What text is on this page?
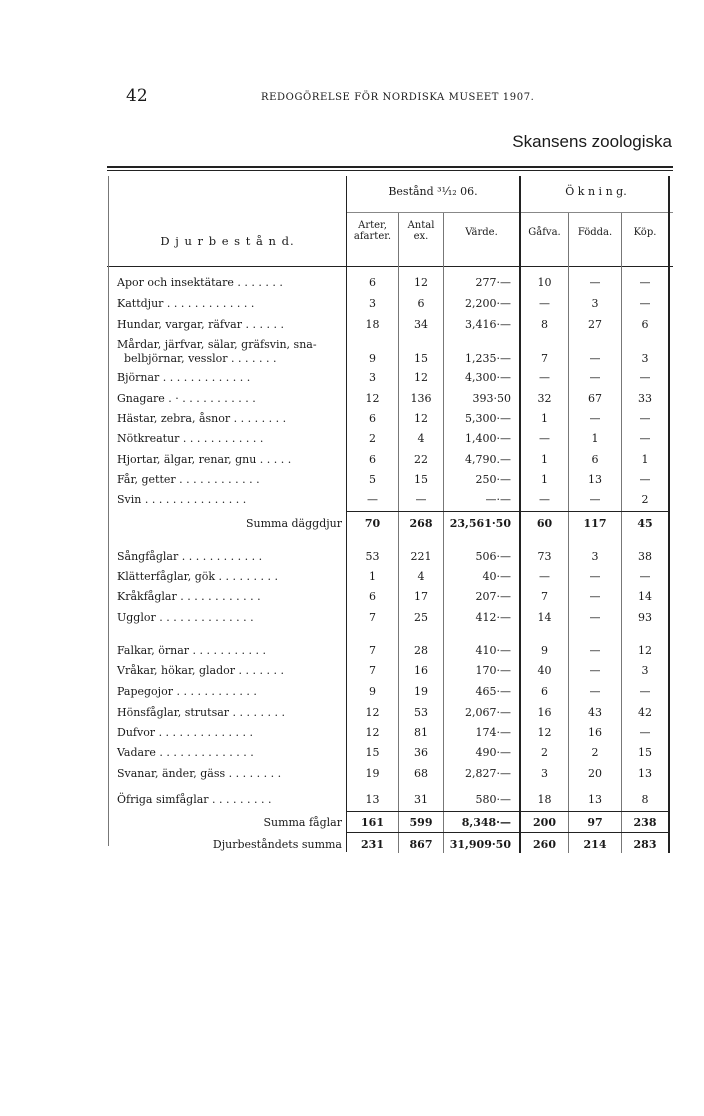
42	REDOGÖRELSE FÖR NORDISKA MUSEET 1907.
Skansens zoologiska
D j u r b e s t å n d.
Bestånd ³¹⁄₁₂ 06.	Ö k n i n g.
Arter, afarter.
Antal ex.	Värde.	Gåfva.	Födda.	Köp.
Apor och insektätare . . . . . . .	6	12	277·—	10	—	—
Kattdjur . . . . . . . . . . . . .	3	6	2,200·—	—	3	—
Hundar, vargar, räfvar . . . . . .	18	34	3,416·—	8	27	6
Mårdar, järfvar, sälar, gräfsvin, sna-
belbjörnar, vesslor . . . . . . .	9	15	1,235·—	7	—	3
Björnar . . . . . . . . . . . . .	3	12	4,300·—	—	—	—
Gnagare . · . . . . . . . . . . .	12	136	393·50	32	67	33
Hästar, zebra, åsnor . . . . . . . .	6	12	5,300·—	1	—	—
Nötkreatur . . . . . . . . . . . .	2	4	1,400·—	—	1	—
Hjortar, älgar, renar, gnu . . . . .	6	22	4,790.—	1	6	1
Får, getter . . . . . . . . . . . .	5	15	250·—	1	13	—
Svin . . . . . . . . . . . . . . .	—	—	—·—	—	—	2
Summa däggdjur	70	268	23,561·50	60	117	45
Sångfåglar . . . . . . . . . . . .	53	221	506·—	73	3	38
Klätterfåglar, gök . . . . . . . . .	1	4	40·—	—	—	—
Kråkfåglar . . . . . . . . . . . .	6	17	207·—	7	—	14
Ugglor . . . . . . . . . . . . . .	7	25	412·—	14	—	93
Falkar, örnar . . . . . . . . . . .	7	28	410·—	9	—	12
Vråkar, hökar, glador . . . . . . .	7	16	170·—	40	—	3
Papegojor . . . . . . . . . . . .	9	19	465·—	6	—	—
Hönsfåglar, strutsar . . . . . . . .	12	53	2,067·—	16	43	42
Dufvor . . . . . . . . . . . . . .	12	81	174·—	12	16	—
Vadare . . . . . . . . . . . . . .	15	36	490·—	2	2	15
Svanar, änder, gäss . . . . . . . .	19	68	2,827·—	3	20	13
Öfriga simfåglar . . . . . . . . .	13	31	580·—	18	13	8
Summa fåglar	161	599	8,348·—	200	97	238
Djurbeståndets summa	231	867	31,909·50	260	214	283
